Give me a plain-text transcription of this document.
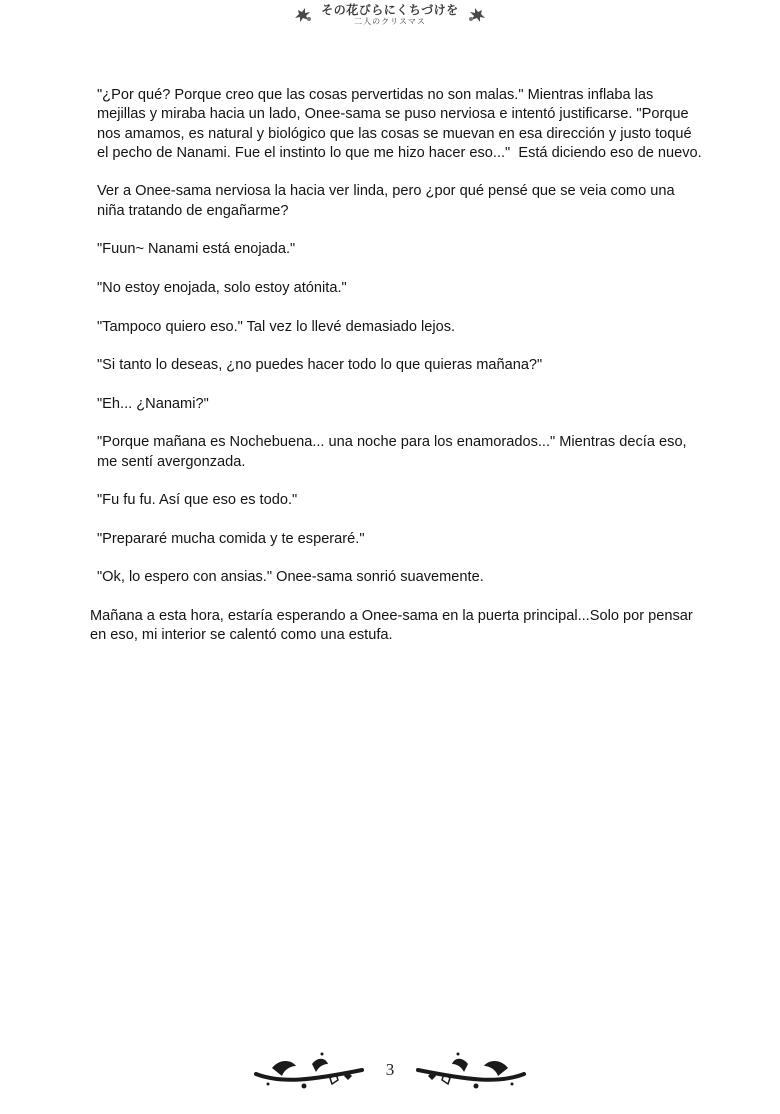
その花びらにくちづけを
二人のクリスマス

"¿Por qué? Porque creo que las cosas pervertidas no son malas." Mientras inflaba las mejillas y miraba hacia un lado, Onee-sama se puso nerviosa e intentó justificarse. "Porque nos amamos, es natural y biológico que las cosas se muevan en esa dirección y justo toqué el pecho de Nanami. Fue el instinto lo que me hizo hacer eso..."  Está diciendo eso de nuevo.

Ver a Onee-sama nerviosa la hacia ver linda, pero ¿por qué pensé que se veia como una niña tratando de engañarme?

"Fuun~ Nanami está enojada."

"No estoy enojada, solo estoy atónita."

"Tampoco quiero eso." Tal vez lo llevé demasiado lejos.

"Si tanto lo deseas, ¿no puedes hacer todo lo que quieras mañana?"

"Eh... ¿Nanami?"

"Porque mañana es Nochebuena... una noche para los enamorados..." Mientras decía eso, me sentí avergonzada.

"Fu fu fu. Así que eso es todo."

"Prepararé mucha comida y te esperaré."

"Ok, lo espero con ansias." Onee-sama sonrió suavemente.

Mañana a esta hora, estaría esperando a Onee-sama en la puerta principal...Solo por pensar en eso, mi interior se calentó como una estufa.

3
